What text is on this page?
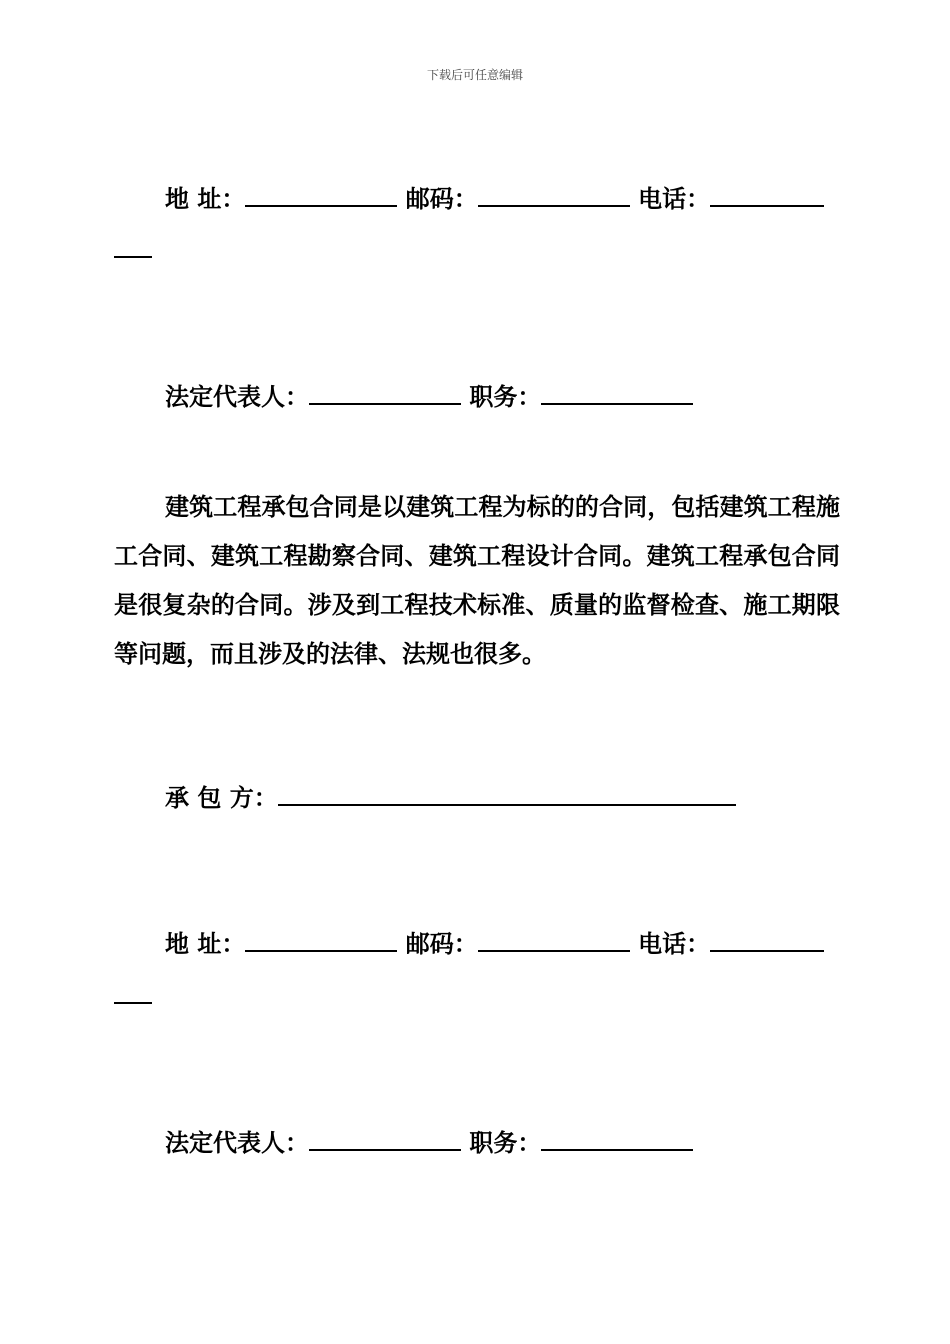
下载后可任意编辑
地 址：	邮码：	电话：
法定代表人：	职务：
建筑工程承包合同是以建筑工程为标的的合同，包括建筑工程施工合同、建筑工程勘察合同、建筑工程设计合同。建筑工程承包合同是很复杂的合同。涉及到工程技术标准、质量的监督检查、施工期限等问题，而且涉及的法律、法规也很多。
承 包 方：
地 址：	邮码：	电话：
法定代表人：	职务：
